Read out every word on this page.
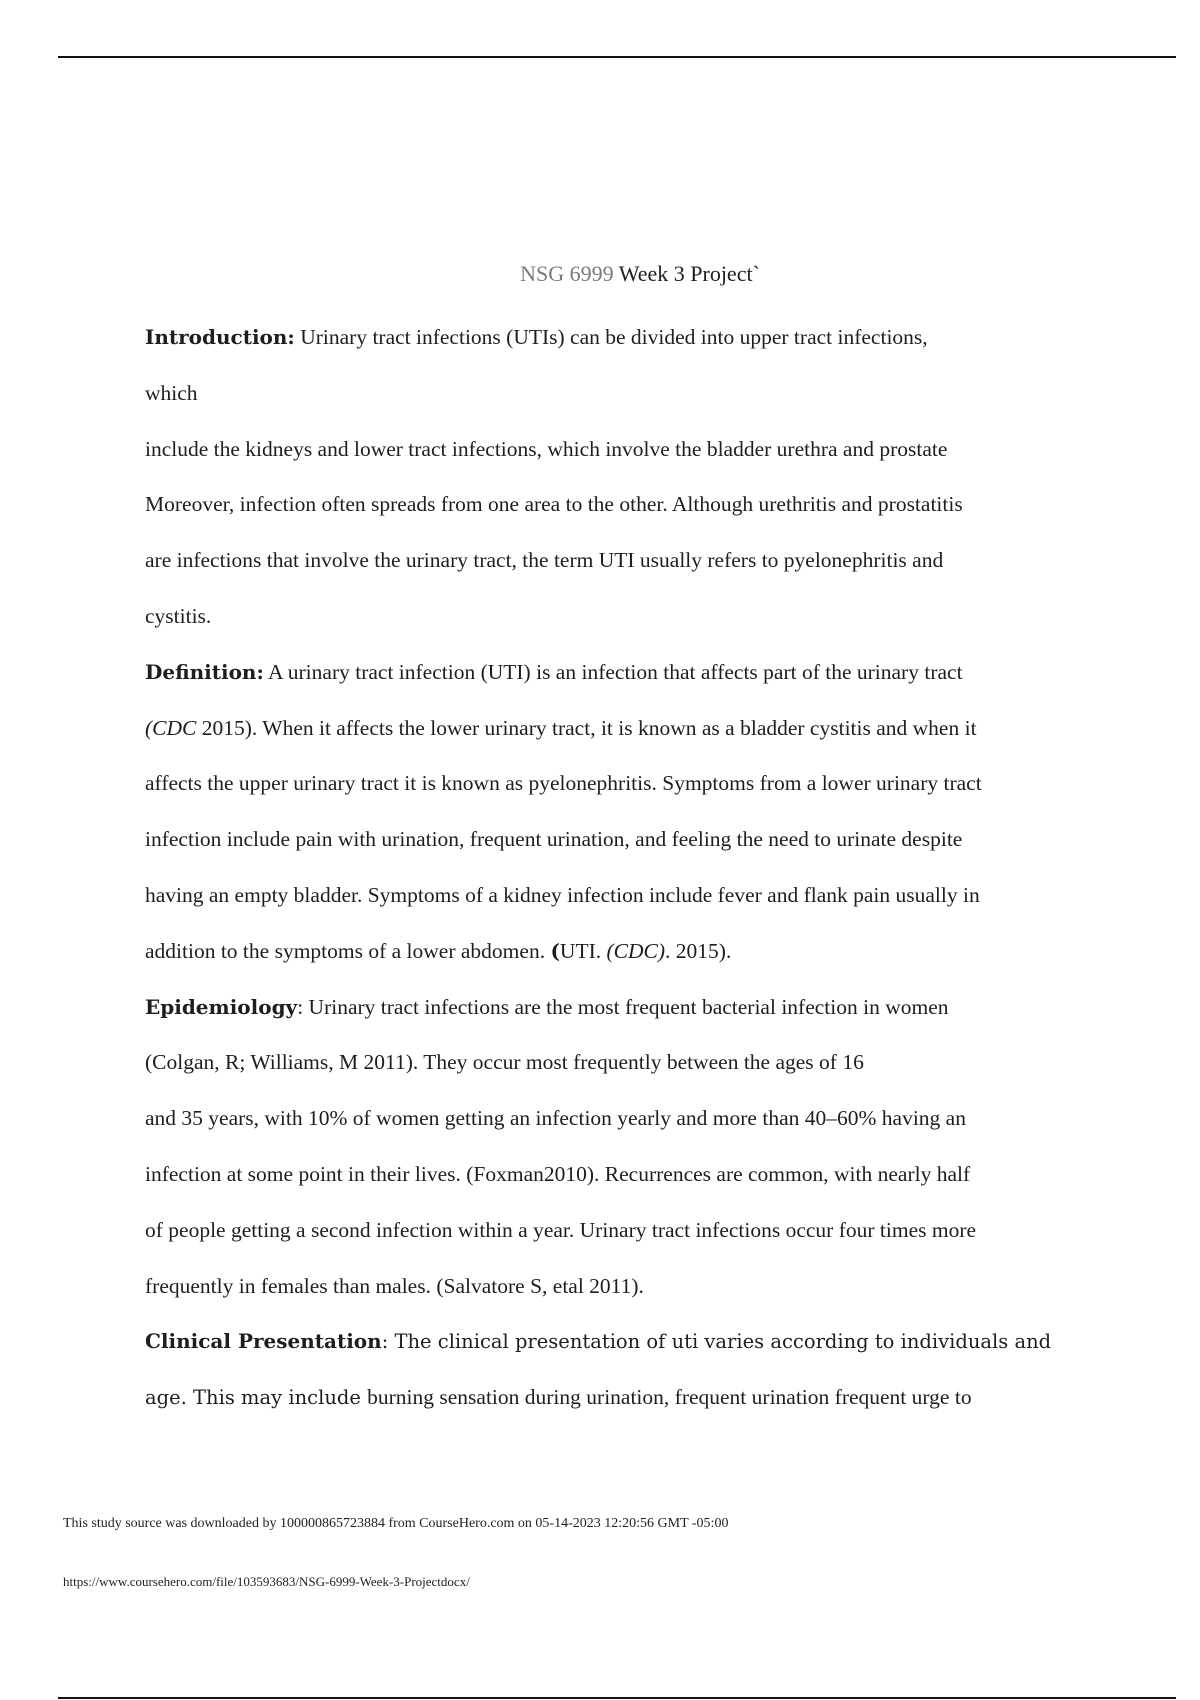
NSG 6999 Week 3 Project`
Introduction: Urinary tract infections (UTIs) can be divided into upper tract infections,
which
include the kidneys and lower tract infections, which involve the bladder urethra and prostate
Moreover, infection often spreads from one area to the other. Although urethritis and prostatitis
are infections that involve the urinary tract, the term UTI usually refers to pyelonephritis and
cystitis.
Definition: A urinary tract infection (UTI) is an infection that affects part of the urinary tract
(CDC 2015). When it affects the lower urinary tract, it is known as a bladder cystitis and when it
affects the upper urinary tract it is known as pyelonephritis. Symptoms from a lower urinary tract
infection include pain with urination, frequent urination, and feeling the need to urinate despite
having an empty bladder. Symptoms of a kidney infection include fever and flank pain usually in
addition to the symptoms of a lower abdomen. (UTI. (CDC). 2015).
Epidemiology: Urinary tract infections are the most frequent bacterial infection in women
(Colgan, R; Williams, M 2011). They occur most frequently between the ages of 16
and 35 years, with 10% of women getting an infection yearly and more than 40–60% having an
infection at some point in their lives. (Foxman2010). Recurrences are common, with nearly half
of people getting a second infection within a year. Urinary tract infections occur four times more
frequently in females than males. (Salvatore S, etal 2011).
Clinical Presentation: The clinical presentation of uti varies according to individuals and
age. This may include burning sensation during urination, frequent urination frequent urge to
This study source was downloaded by 100000865723884 from CourseHero.com on 05-14-2023 12:20:56 GMT -05:00
https://www.coursehero.com/file/103593683/NSG-6999-Week-3-Projectdocx/
